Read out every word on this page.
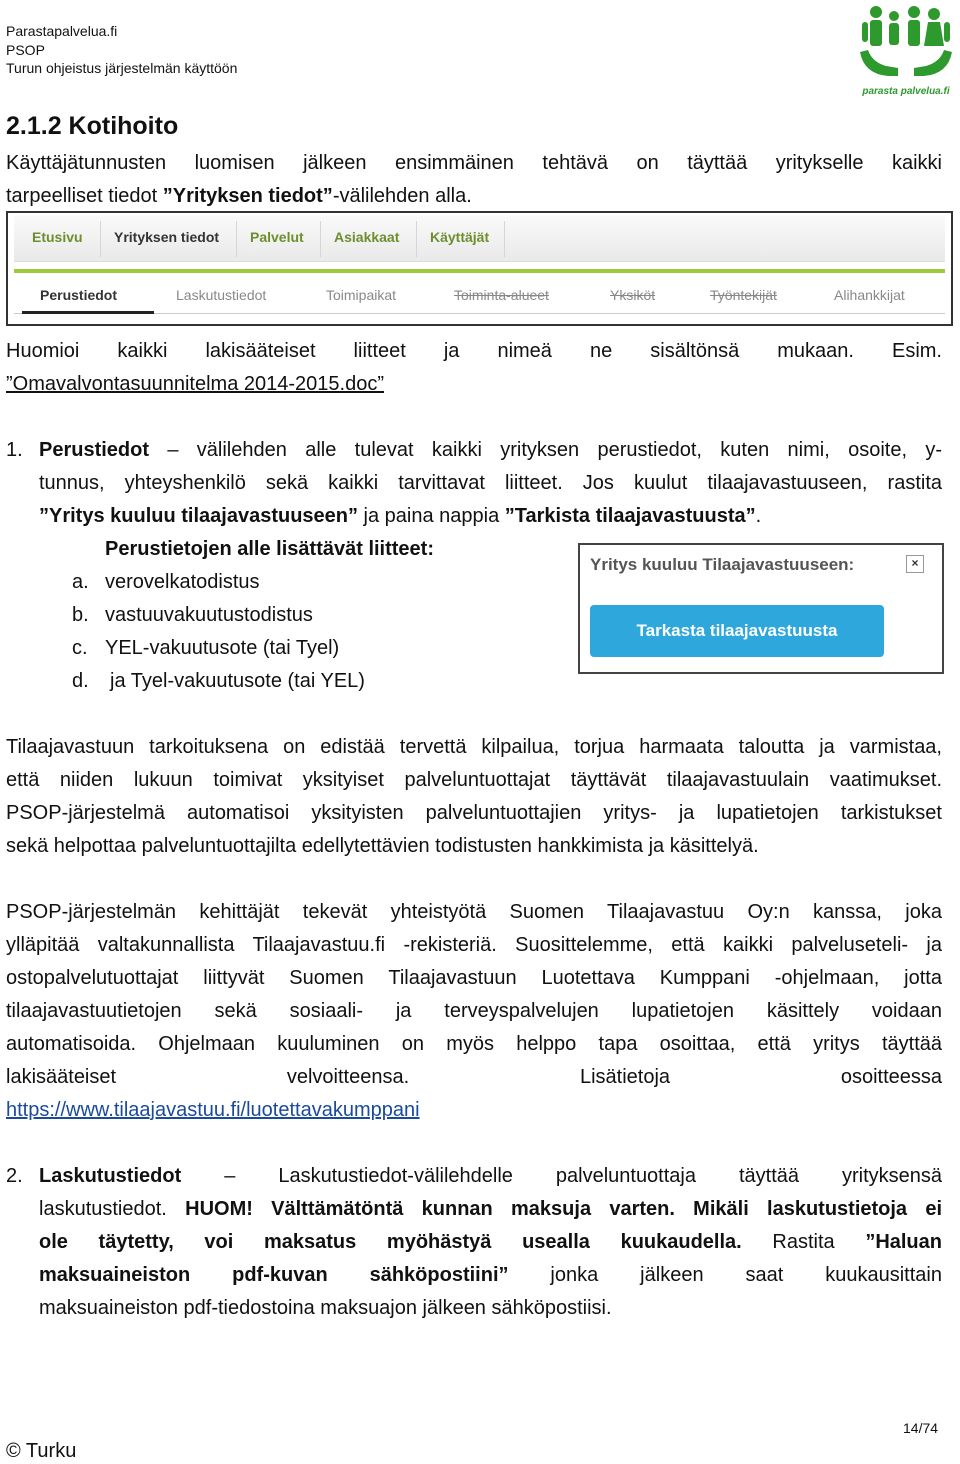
Parastapalvelua.fi
PSOP
Turun ohjeistus järjestelmän käyttöön
parasta palvelua.fi
2.1.2 Kotihoito
Käyttäjätunnusten luomisen jälkeen ensimmäinen tehtävä on täyttää yritykselle kaikki
tarpeelliset tiedot ”Yrityksen tiedot”-välilehden alla.
Etusivu Yrityksen tiedot Palvelut Asiakkaat Käyttäjät
Perustiedot	Laskutustiedot	Toimipaikat	Toiminta-alueet	Yksiköt	Työntekijät	Alihankkijat
Huomioi kaikki lakisääteiset liitteet ja nimeä ne sisältönsä mukaan. Esim.
”Omavalvontasuunnitelma 2014-2015.doc”
1. Perustiedot – välilehden alle tulevat kaikki yrityksen perustiedot, kuten nimi, osoite, y-
tunnus, yhteyshenkilö sekä kaikki tarvittavat liitteet. Jos kuulut tilaajavastuuseen, rastita
”Yritys kuuluu tilaajavastuuseen” ja paina nappia ”Tarkista tilaajavastuusta”.
Perustietojen alle lisättävät liitteet:
a. verovelkatodistus
b. vastuuvakuutustodistus
c. YEL-vakuutusote (tai Tyel)
d. ja Tyel-vakuutusote (tai YEL)
Yritys kuuluu Tilaajavastuuseen:	×
Tarkasta tilaajavastuusta
Tilaajavastuun tarkoituksena on edistää tervettä kilpailua, torjua harmaata taloutta ja varmistaa,
että niiden lukuun toimivat yksityiset palveluntuottajat täyttävät tilaajavastuulain vaatimukset.
PSOP-järjestelmä automatisoi yksityisten palveluntuottajien yritys- ja lupatietojen tarkistukset
sekä helpottaa palveluntuottajilta edellytettävien todistusten hankkimista ja käsittelyä.
PSOP-järjestelmän kehittäjät tekevät yhteistyötä Suomen Tilaajavastuu Oy:n kanssa, joka
ylläpitää valtakunnallista Tilaajavastuu.fi -rekisteriä. Suosittelemme, että kaikki palveluseteli- ja
ostopalvelutuottajat liittyvät Suomen Tilaajavastuun Luotettava Kumppani -ohjelmaan, jotta
tilaajavastuutietojen sekä sosiaali- ja terveyspalvelujen lupatietojen käsittely voidaan
automatisoida. Ohjelmaan kuuluminen on myös helppo tapa osoittaa, että yritys täyttää
lakisääteiset velvoitteensa. Lisätietoja osoitteessa
https://www.tilaajavastuu.fi/luotettavakumppani
2. Laskutustiedot – Laskutustiedot-välilehdelle palveluntuottaja täyttää yrityksensä
laskutustiedot. HUOM! Välttämätöntä kunnan maksuja varten. Mikäli laskutustietoja ei
ole täytetty, voi maksatus myöhästyä usealla kuukaudella. Rastita ”Haluan
maksuaineiston pdf-kuvan sähköpostiini” jonka jälkeen saat kuukausittain
maksuaineiston pdf-tiedostoina maksuajon jälkeen sähköpostiisi.
© Turku
14/74
